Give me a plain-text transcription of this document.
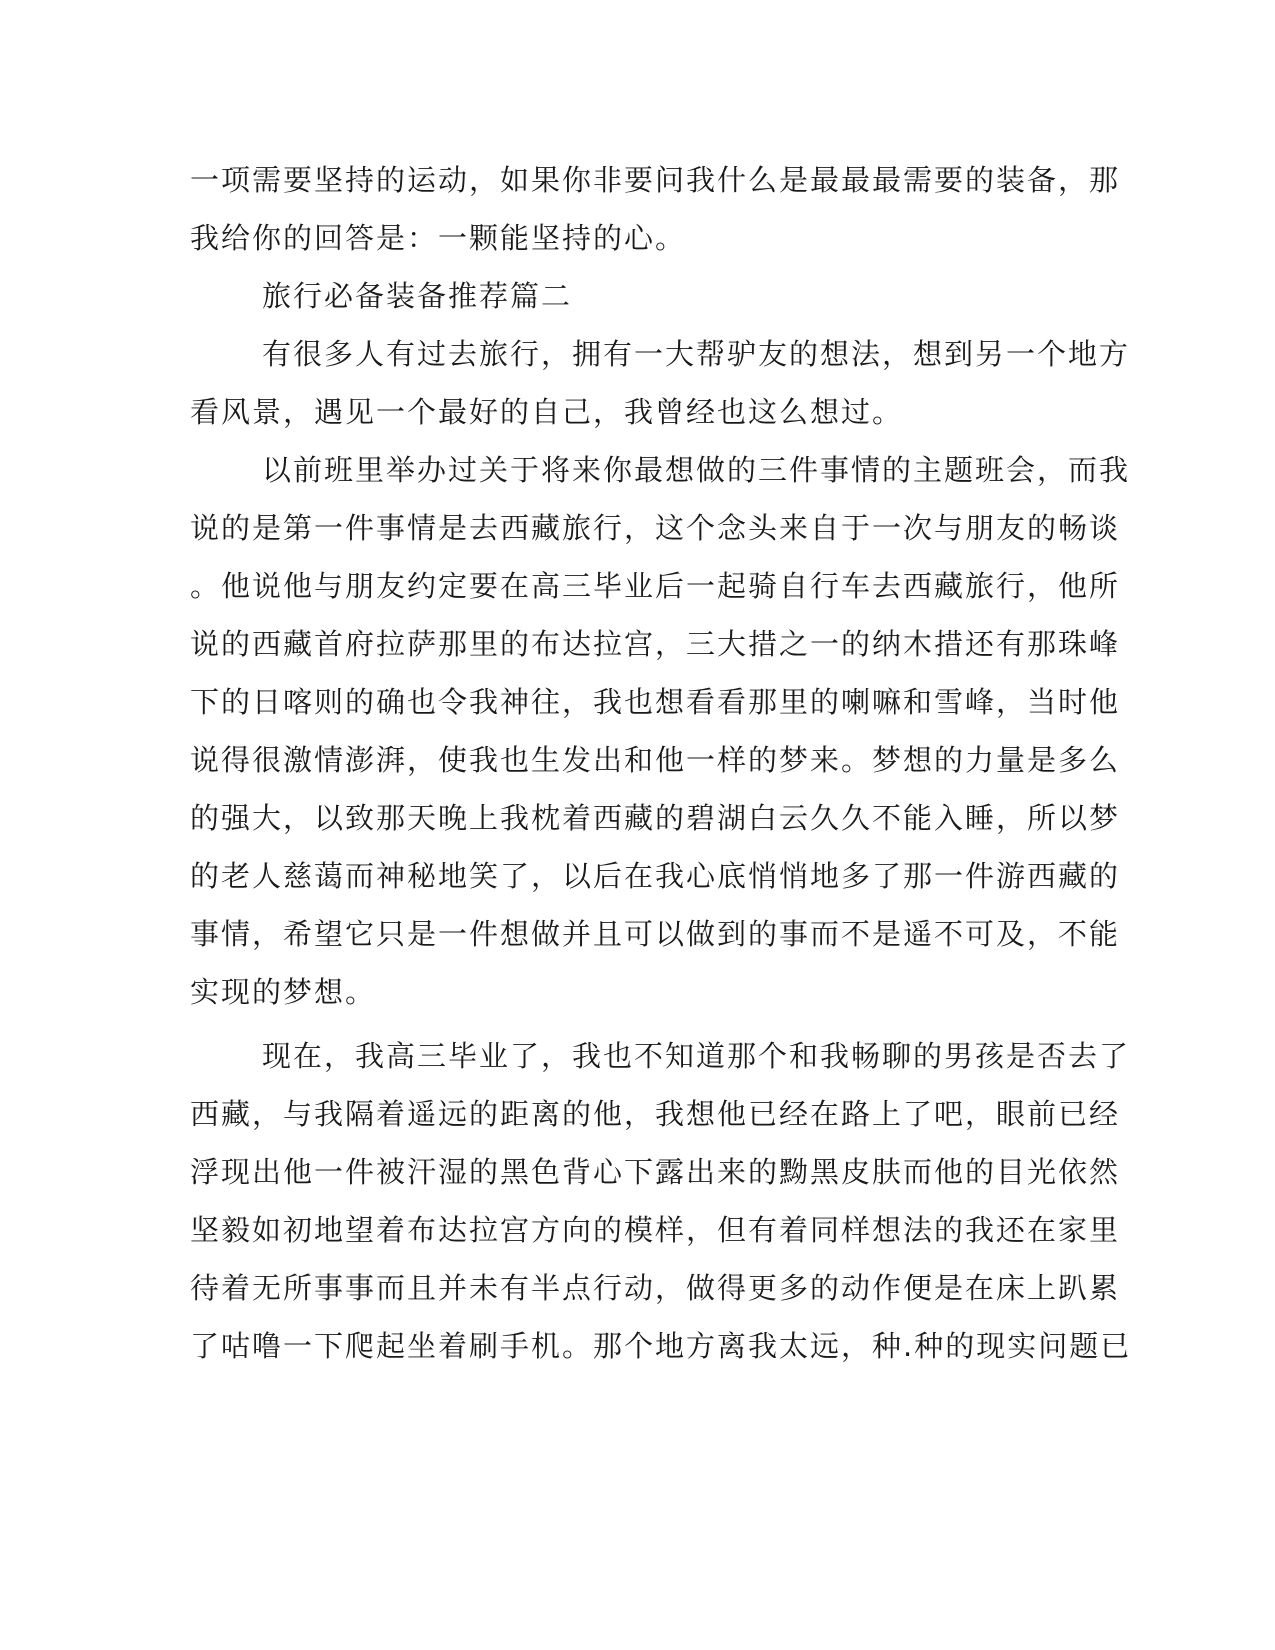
一项需要坚持的运动，如果你非要问我什么是最最最需要的装备，那
我给你的回答是：一颗能坚持的心。
旅行必备装备推荐篇二
有很多人有过去旅行，拥有一大帮驴友的想法，想到另一个地方
看风景，遇见一个最好的自己，我曾经也这么想过。
以前班里举办过关于将来你最想做的三件事情的主题班会，而我
说的是第一件事情是去西藏旅行，这个念头来自于一次与朋友的畅谈
。他说他与朋友约定要在高三毕业后一起骑自行车去西藏旅行，他所
说的西藏首府拉萨那里的布达拉宫，三大措之一的纳木措还有那珠峰
下的日喀则的确也令我神往，我也想看看那里的喇嘛和雪峰，当时他
说得很激情澎湃，使我也生发出和他一样的梦来。梦想的力量是多么
的强大，以致那天晚上我枕着西藏的碧湖白云久久不能入睡，所以梦
的老人慈蔼而神秘地笑了，以后在我心底悄悄地多了那一件游西藏的
事情，希望它只是一件想做并且可以做到的事而不是遥不可及，不能
实现的梦想。
现在，我高三毕业了，我也不知道那个和我畅聊的男孩是否去了
西藏，与我隔着遥远的距离的他，我想他已经在路上了吧，眼前已经
浮现出他一件被汗湿的黑色背心下露出来的黝黑皮肤而他的目光依然
坚毅如初地望着布达拉宫方向的模样，但有着同样想法的我还在家里
待着无所事事而且并未有半点行动，做得更多的动作便是在床上趴累
了咕噜一下爬起坐着刷手机。那个地方离我太远，种.种的现实问题已
